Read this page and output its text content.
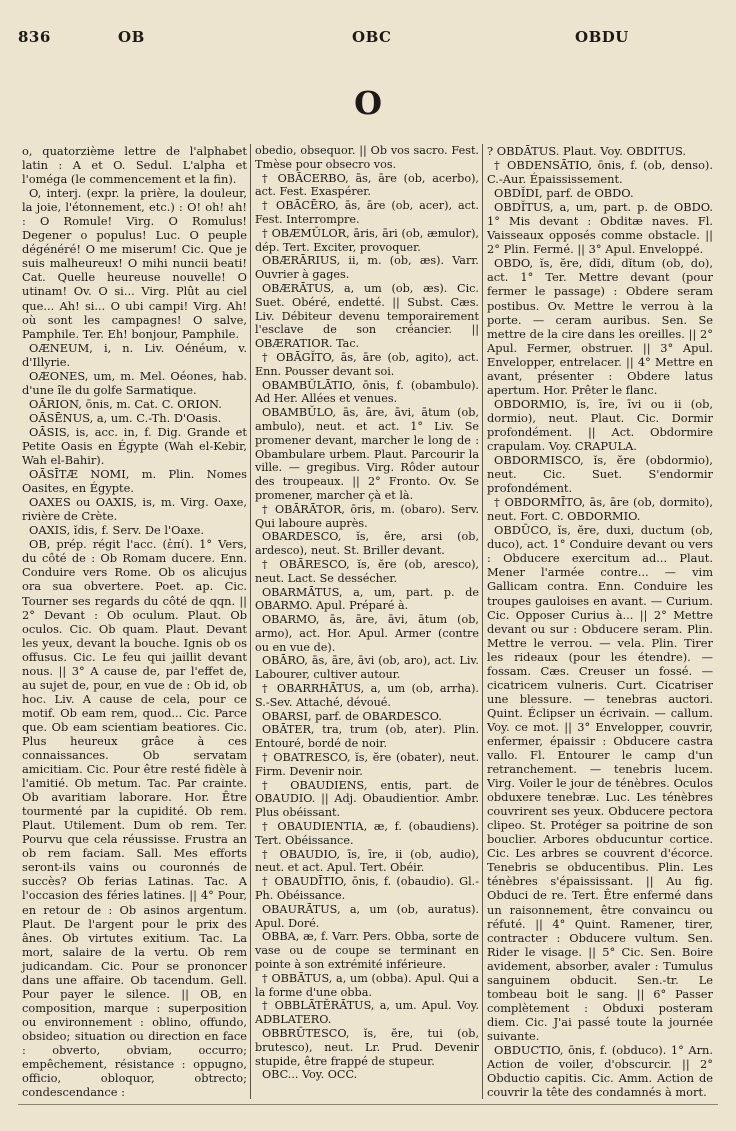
836	OB	OBC	OBDU
O

o, quatorzième lettre de l'alphabet latin : A et O. Sedul. L'alpha et l'oméga (le commencement et la fin).

O, interj. (expr. la prière, la douleur, la joie, l'étonnement, etc.) : O! oh! ah! : O Romule! Virg. O Romulus! Degener o populus! Luc. O peuple dégénéré! O me miserum! Cic. Que je suis malheureux! O mihi nuncii beati! Cat. Quelle heureuse nouvelle! O utinam! Ov. O si... Virg. Plût au ciel que... Ah! si... O ubi campi! Virg. Ah! où sont les campagnes! O salve, Pamphile. Ter. Eh! bonjour, Pamphile.

OÆNEUM, i, n. Liv. Oénéum, v. d'Illyrie.

OÆONES, um, m. Mel. Oéones, hab. d'une île du golfe Sarmatique.

OĀRION, ōnis, m. Cat. C. ORION.

OĀSĒNUS, a, um. C.-Th. D'Oasis.

OĀSIS, is, acc. in, f. Dig. Grande et Petite Oasis en Égypte (Wah el-Kebir, Wah el-Bahir).

OĀSĪTÆ NOMI, m. Plin. Nomes Oasites, en Égypte.

OAXES ou OAXIS, is, m. Virg. Oaxe, rivière de Crète.

OAXIS, ĭdis, f. Serv. De l'Oaxe.

OB, prép. régit l'acc. (ἐπί). 1° Vers, du côté de : Ob Romam ducere. Enn. Conduire vers Rome. Ob os alicujus ora sua obvertere. Poet. ap. Cic. Tourner ses regards du côté de qqn. || 2° Devant : Ob oculum. Plaut. Ob oculos. Cic. Ob quam. Plaut. Devant les yeux, devant la bouche. Ignis ob os offusus. Cic. Le feu qui jaillit devant nous. || 3° A cause de, par l'effet de, au sujet de, pour, en vue de : Ob id, ob hoc. Liv. A cause de cela, pour ce motif. Ob eam rem, quod... Cic. Parce que. Ob eam scientiam beatiores. Cic. Plus heureux grâce à ces connaissances. Ob servatam amicitiam. Cic. Pour être resté fidèle à l'amitié. Ob metum. Tac. Par crainte. Ob avaritiam laborare. Hor. Être tourmenté par la cupidité. Ob rem. Plaut. Utilement. Dum ob rem. Ter. Pourvu que cela réussisse. Frustra an ob rem faciam. Sall. Mes efforts seront-ils vains ou couronnés de succès? Ob ferias Latinas. Tac. A l'occasion des féries latines. || 4° Pour, en retour de : Ob asinos argentum. Plaut. De l'argent pour le prix des ânes. Ob virtutes exitium. Tac. La mort, salaire de la vertu. Ob rem judicandam. Cic. Pour se prononcer dans une affaire. Ob tacendum. Gell. Pour payer le silence. || OB, en composition, marque : superposition ou environnement : oblino, offundo, obsideo; situation ou direction en face : obverto, obviam, occurro; empêchement, résistance : oppugno, officio, obloquor, obtrecto; condescendance :

obedio, obsequor. || Ob vos sacro. Fest. Tmèse pour obsecro vos.

† OBĀCERBO, ās, āre (ob, acerbo), act. Fest. Exaspérer.

† OBĀCĒRO, ās, āre (ob, acer), act. Fest. Interrompre.

† OBÆMŬLOR, āris, āri (ob, æmulor), dép. Tert. Exciter, provoquer.

OBÆRĀRIUS, ii, m. (ob, æs). Varr. Ouvrier à gages.

OBÆRĀTUS, a, um (ob, æs). Cic. Suet. Obéré, endetté. || Subst. Cæs. Liv. Débiteur devenu temporairement l'esclave de son créancier. || OBÆRATIOR. Tac.

† OBĀGĬTO, ās, āre (ob, agito), act. Enn. Pousser devant soi.

OBAMBŬLĀTIO, ōnis, f. (obambulo). Ad Her. Allées et venues.

OBAMBŬLO, ās, āre, āvi, ātum (ob, ambulo), neut. et act. 1° Liv. Se promener devant, marcher le long de : Obambulare urbem. Plaut. Parcourir la ville. — gregibus. Virg. Rôder autour des troupeaux. || 2° Fronto. Ov. Se promener, marcher çà et là.

† OBĀRĀTOR, ōris, m. (obaro). Serv. Qui laboure auprès.

OBARDESCO, ĭs, ĕre, arsi (ob, ardesco), neut. St. Briller devant.

† OBĀRESCO, ĭs, ĕre (ob, aresco), neut. Lact. Se dessécher.

OBARMĀTUS, a, um, part. p. de OBARMO. Apul. Préparé à.

OBARMO, ās, āre, āvi, ātum (ob, armo), act. Hor. Apul. Armer (contre ou en vue de).

OBĀRO, ās, āre, āvi (ob, aro), act. Liv. Labourer, cultiver autour.

† OBARRHĀTUS, a, um (ob, arrha). S.-Sev. Attaché, dévoué.

OBARSI, parf. de OBARDESCO.

OBĀTER, tra, trum (ob, ater). Plin. Entouré, bordé de noir.

† OBATRESCO, ĭs, ĕre (obater), neut. Firm. Devenir noir.

† OBAUDIENS, entis, part. de OBAUDIO. || Adj. Obaudientior. Ambr. Plus obéissant.

† OBAUDIENTIA, æ, f. (obaudiens). Tert. Obéissance.

† OBAUDIO, īs, īre, ii (ob, audio), neut. et act. Apul. Tert. Obéir.

† OBAUDĪTIO, ōnis, f. (obaudio). Gl.-Ph. Obéissance.

OBAURĀTUS, a, um (ob, auratus). Apul. Doré.

OBBA, æ, f. Varr. Pers. Obba, sorte de vase ou de coupe se terminant en pointe à son extrémité inférieure.

† OBBĀTUS, a, um (obba). Apul. Qui a la forme d'une obba.

† OBBLĀTĔRĀTUS, a, um. Apul. Voy. ADBLATERO.

OBBRŪTESCO, ĭs, ĕre, tui (ob, brutesco), neut. Lr. Prud. Devenir stupide, être frappé de stupeur.

OBC... Voy. OCC.

? OBDĀTUS. Plaut. Voy. OBDITUS.

† OBDENSĀTIO, ōnis, f. (ob, denso). C.-Aur. Épaississement.

OBDĬDI, parf. de OBDO.

OBDĬTUS, a, um, part. p. de OBDO. 1° Mis devant : Obditæ naves. Fl. Vaisseaux opposés comme obstacle. || 2° Plin. Fermé. || 3° Apul. Enveloppé.

OBDO, ĭs, ĕre, dĭdi, dĭtum (ob, do), act. 1° Ter. Mettre devant (pour fermer le passage) : Obdere seram postibus. Ov. Mettre le verrou à la porte. — ceram auribus. Sen. Se mettre de la cire dans les oreilles. || 2° Apul. Fermer, obstruer. || 3° Apul. Envelopper, entrelacer. || 4° Mettre en avant, présenter : Obdere latus apertum. Hor. Prêter le flanc.

OBDORMIO, ĭs, īre, īvi ou ii (ob, dormio), neut. Plaut. Cic. Dormir profondément. || Act. Obdormire crapulam. Voy. CRAPULA.

OBDORMISCO, ĭs, ĕre (obdormio), neut. Cic. Suet. S'endormir profondément.

† OBDORMĪTO, ās, āre (ob, dormito), neut. Fort. C. OBDORMIO.

OBDŪCO, ĭs, ĕre, duxi, ductum (ob, duco), act. 1° Conduire devant ou vers : Obducere exercitum ad... Plaut. Mener l'armée contre... — vim Gallicam contra. Enn. Conduire les troupes gauloises en avant. — Curium. Cic. Opposer Curius à... || 2° Mettre devant ou sur : Obducere seram. Plin. Mettre le verrou. — vela. Plin. Tirer les rideaux (pour les étendre). — fossam. Cæs. Creuser un fossé. — cicatricem vulneris. Curt. Cicatriser une blessure. — tenebras auctori. Quint. Éclipser un écrivain. — callum. Voy. ce mot. || 3° Envelopper, couvrir, enfermer, épaissir : Obducere castra vallo. Fl. Entourer le camp d'un retranchement. — tenebris lucem. Virg. Voiler le jour de ténèbres. Oculos obduxere tenebræ. Luc. Les ténèbres couvrirent ses yeux. Obducere pectora clipeo. St. Protéger sa poitrine de son bouclier. Arbores obducuntur cortice. Cic. Les arbres se couvrent d'écorce. Tenebris se obducentibus. Plin. Les ténèbres s'épaississant. || Au fig. Obduci de re. Tert. Être enfermé dans un raisonnement, être convaincu ou réfuté. || 4° Quint. Ramener, tirer, contracter : Obducere vultum. Sen. Rider le visage. || 5° Cic. Sen. Boire avidement, absorber, avaler : Tumulus sanguinem obducit. Sen.-tr. Le tombeau boit le sang. || 6° Passer complètement : Obduxi posteram diem. Cic. J'ai passé toute la journée suivante.

OBDUCTIO, ōnis, f. (obduco). 1° Arn. Action de voiler, d'obscurcir. || 2° Obductio capitis. Cic. Amm. Action de couvrir la tête des condamnés à mort.
